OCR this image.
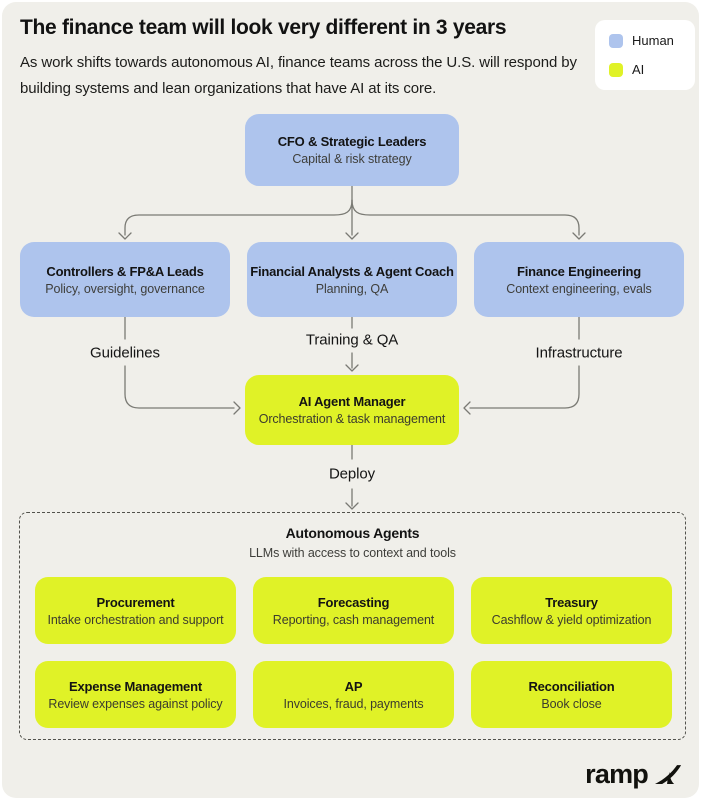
The finance team will look very different in 3 years
As work shifts towards autonomous AI, finance teams across the U.S. will respond by building systems and lean organizations that have AI at its core.
Human
AI
CFO & Strategic Leaders
Capital & risk strategy
Controllers & FP&A Leads
Policy, oversight, governance
Financial Analysts & Agent Coach
Planning, QA
Finance Engineering
Context engineering, evals
Guidelines
Training & QA
Infrastructure
Deploy
AI Agent Manager
Orchestration & task management
Autonomous Agents
LLMs with access to context and tools
Procurement
Intake orchestration and support
Forecasting
Reporting, cash management
Treasury
Cashflow & yield optimization
Expense Management
Review expenses against policy
AP
Invoices, fraud, payments
Reconciliation
Book close
ramp
